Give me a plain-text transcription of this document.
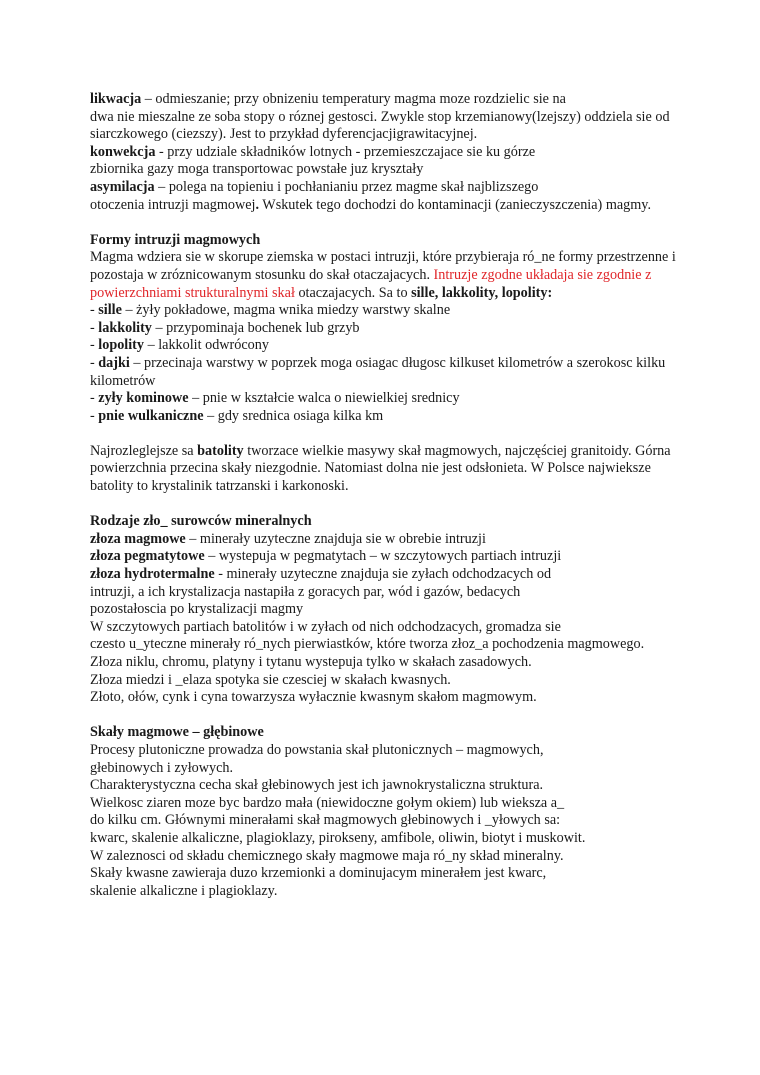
likwacja – odmieszanie; przy obnizeniu temperatury magma moze rozdzielic sie na
dwa nie mieszalne ze soba stopy o róznej gestosci. Zwykle stop krzemianowy(lzejszy) oddziela sie od
siarczkowego (ciezszy). Jest to przykład dyferencjacjigrawitacyjnej.
konwekcja - przy udziale składników lotnych - przemieszczajace sie ku górze
zbiornika gazy moga transportowac powstałe juz kryształy
asymilacja – polega na topieniu i pochłanianiu przez magme skał najblizszego
otoczenia intruzji magmowej. Wskutek tego dochodzi do kontaminacji (zanieczyszczenia) magmy.
Formy intruzji magmowych
Magma wdziera sie w skorupe ziemska w postaci intruzji, które przybieraja ró_ne formy przestrzenne i
pozostaja w zróznicowanym stosunku do skał otaczajacych. Intruzje zgodne układaja sie zgodnie z
powierzchniami strukturalnymi skał otaczajacych. Sa to sille, lakkolity, lopolity:
- sille – żyły pokładowe, magma wnika miedzy warstwy skalne
- lakkolity – przypominaja bochenek lub grzyb
- lopolity – lakkolit odwrócony
- dajki – przecinaja warstwy w poprzek moga osiagac długosc kilkuset kilometrów a szerokosc kilku
kilometrów
- zyły kominowe – pnie w kształcie walca o niewielkiej srednicy
- pnie wulkaniczne – gdy srednica osiaga kilka km
Najrozleglejsze sa batolity tworzace wielkie masywy skał magmowych, najczęściej granitoidy. Górna
powierzchnia przecina skały niezgodnie. Natomiast dolna nie jest odsłonieta. W Polsce najwieksze
batolity to krystalinik tatrzanski i karkonoski.
Rodzaje zło_ surowców mineralnych
złoza magmowe – minerały uzyteczne znajduja sie w obrebie intruzji
złoza pegmatytowe – wystepuja w pegmatytach – w szczytowych partiach intruzji
złoza hydrotermalne - minerały uzyteczne znajduja sie zyłach odchodzacych od
intruzji, a ich krystalizacja nastapiła z goracych par, wód i gazów, bedacych
pozostałoscia po krystalizacji magmy
W szczytowych partiach batolitów i w zyłach od nich odchodzacych, gromadza sie
czesto u_yteczne minerały ró_nych pierwiastków, które tworza złoz_a pochodzenia magmowego.
Złoza niklu, chromu, platyny i tytanu wystepuja tylko w skałach zasadowych.
Złoza miedzi i _elaza spotyka sie czesciej w skałach kwasnych.
Złoto, ołów, cynk i cyna towarzysza wyłacznie kwasnym skałom magmowym.
Skały magmowe – głębinowe
Procesy plutoniczne prowadza do powstania skał plutonicznych – magmowych,
głebinowych i zyłowych.
Charakterystyczna cecha skał głebinowych jest ich jawnokrystaliczna struktura.
Wielkosc ziaren moze byc bardzo mała (niewidoczne gołym okiem) lub wieksza a_
do kilku cm. Głównymi minerałami skał magmowych głebinowych i _yłowych sa:
kwarc, skalenie alkaliczne, plagioklazy, pirokseny, amfibole, oliwin, biotyt i muskowit.
W zaleznosci od składu chemicznego skały magmowe maja ró_ny skład mineralny.
Skały kwasne zawieraja duzo krzemionki a dominujacym minerałem jest kwarc,
skalenie alkaliczne i plagioklazy.
